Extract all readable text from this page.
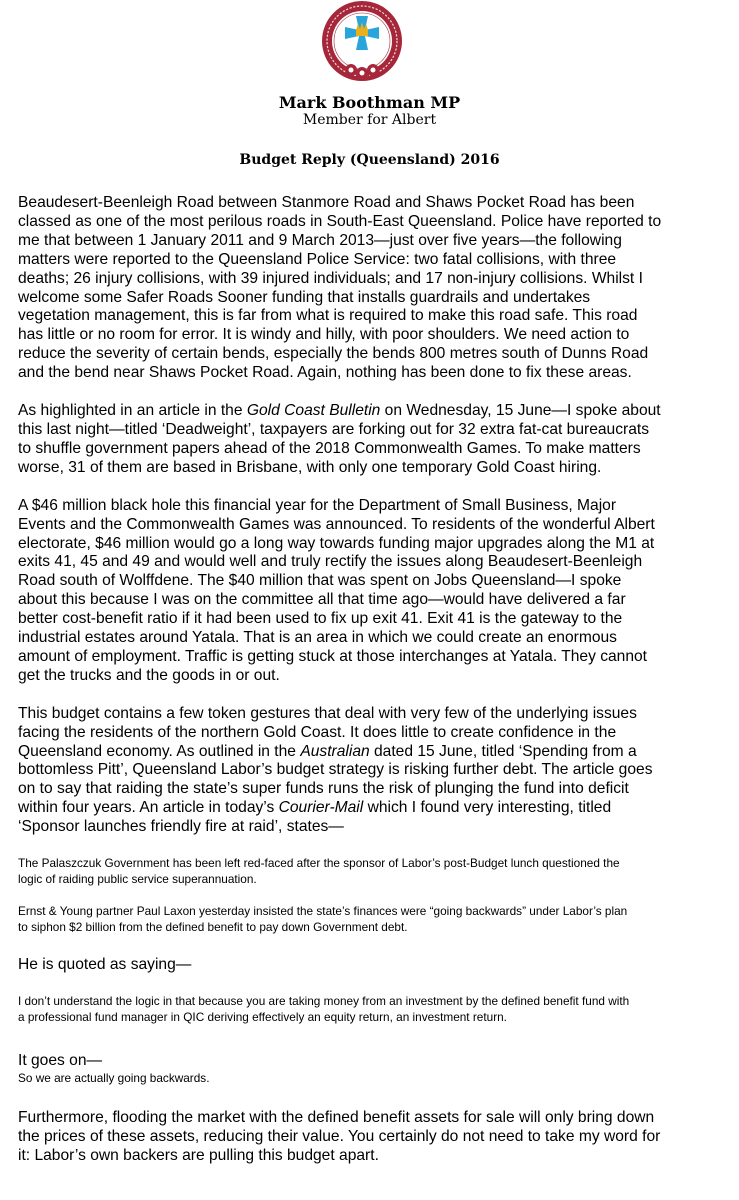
Mark Boothman MP

Member for Albert

Budget Reply (Queensland) 2016

Beaudesert-Beenleigh Road between Stanmore Road and Shaws Pocket Road has been
classed as one of the most perilous roads in South-East Queensland. Police have reported to
me that between 1 January 2011 and 9 March 2013—just over five years—the following
matters were reported to the Queensland Police Service: two fatal collisions, with three
deaths; 26 injury collisions, with 39 injured individuals; and 17 non-injury collisions. Whilst I
welcome some Safer Roads Sooner funding that installs guardrails and undertakes
vegetation management, this is far from what is required to make this road safe. This road
has little or no room for error. It is windy and hilly, with poor shoulders. We need action to
reduce the severity of certain bends, especially the bends 800 metres south of Dunns Road
and the bend near Shaws Pocket Road. Again, nothing has been done to fix these areas.

As highlighted in an article in the Gold Coast Bulletin on Wednesday, 15 June—I spoke about
this last night—titled ‘Deadweight’, taxpayers are forking out for 32 extra fat-cat bureaucrats
to shuffle government papers ahead of the 2018 Commonwealth Games. To make matters
worse, 31 of them are based in Brisbane, with only one temporary Gold Coast hiring.

A $46 million black hole this financial year for the Department of Small Business, Major
Events and the Commonwealth Games was announced. To residents of the wonderful Albert
electorate, $46 million would go a long way towards funding major upgrades along the M1 at
exits 41, 45 and 49 and would well and truly rectify the issues along Beaudesert-Beenleigh
Road south of Wolffdene. The $40 million that was spent on Jobs Queensland—I spoke
about this because I was on the committee all that time ago—would have delivered a far
better cost-benefit ratio if it had been used to fix up exit 41. Exit 41 is the gateway to the
industrial estates around Yatala. That is an area in which we could create an enormous
amount of employment. Traffic is getting stuck at those interchanges at Yatala. They cannot
get the trucks and the goods in or out.

This budget contains a few token gestures that deal with very few of the underlying issues
facing the residents of the northern Gold Coast. It does little to create confidence in the
Queensland economy. As outlined in the Australian dated 15 June, titled ‘Spending from a
bottomless Pitt’, Queensland Labor’s budget strategy is risking further debt. The article goes
on to say that raiding the state’s super funds runs the risk of plunging the fund into deficit
within four years. An article in today’s Courier-Mail which I found very interesting, titled
‘Sponsor launches friendly fire at raid’, states—

The Palaszczuk Government has been left red-faced after the sponsor of Labor’s post-Budget lunch questioned the
logic of raiding public service superannuation.

Ernst & Young partner Paul Laxon yesterday insisted the state’s finances were “going backwards” under Labor’s plan
to siphon $2 billion from the defined benefit to pay down Government debt.

He is quoted as saying—

I don’t understand the logic in that because you are taking money from an investment by the defined benefit fund with
a professional fund manager in QIC deriving effectively an equity return, an investment return.

It goes on—

So we are actually going backwards.

Furthermore, flooding the market with the defined benefit assets for sale will only bring down
the prices of these assets, reducing their value. You certainly do not need to take my word for
it: Labor’s own backers are pulling this budget apart.
